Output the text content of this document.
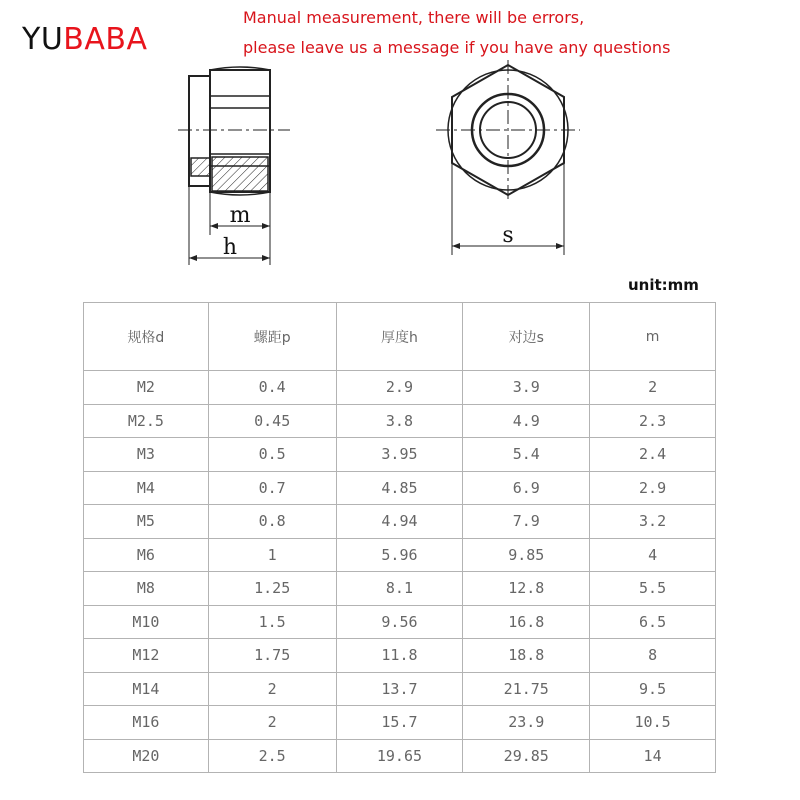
YUBABA
Manual measurement, there will be errors,
please leave us a message if you have any questions
m
h	s
unit:mm
规格d	螺距p	厚度h	对边s	m
M2	0.4	2.9	3.9	2
M2.5	0.45	3.8	4.9	2.3
M3	0.5	3.95	5.4	2.4
M4	0.7	4.85	6.9	2.9
M5	0.8	4.94	7.9	3.2
M6	1	5.96	9.85	4
M8	1.25	8.1	12.8	5.5
M10	1.5	9.56	16.8	6.5
M12	1.75	11.8	18.8	8
M14	2	13.7	21.75	9.5
M16	2	15.7	23.9	10.5
M20	2.5	19.65	29.85	14
